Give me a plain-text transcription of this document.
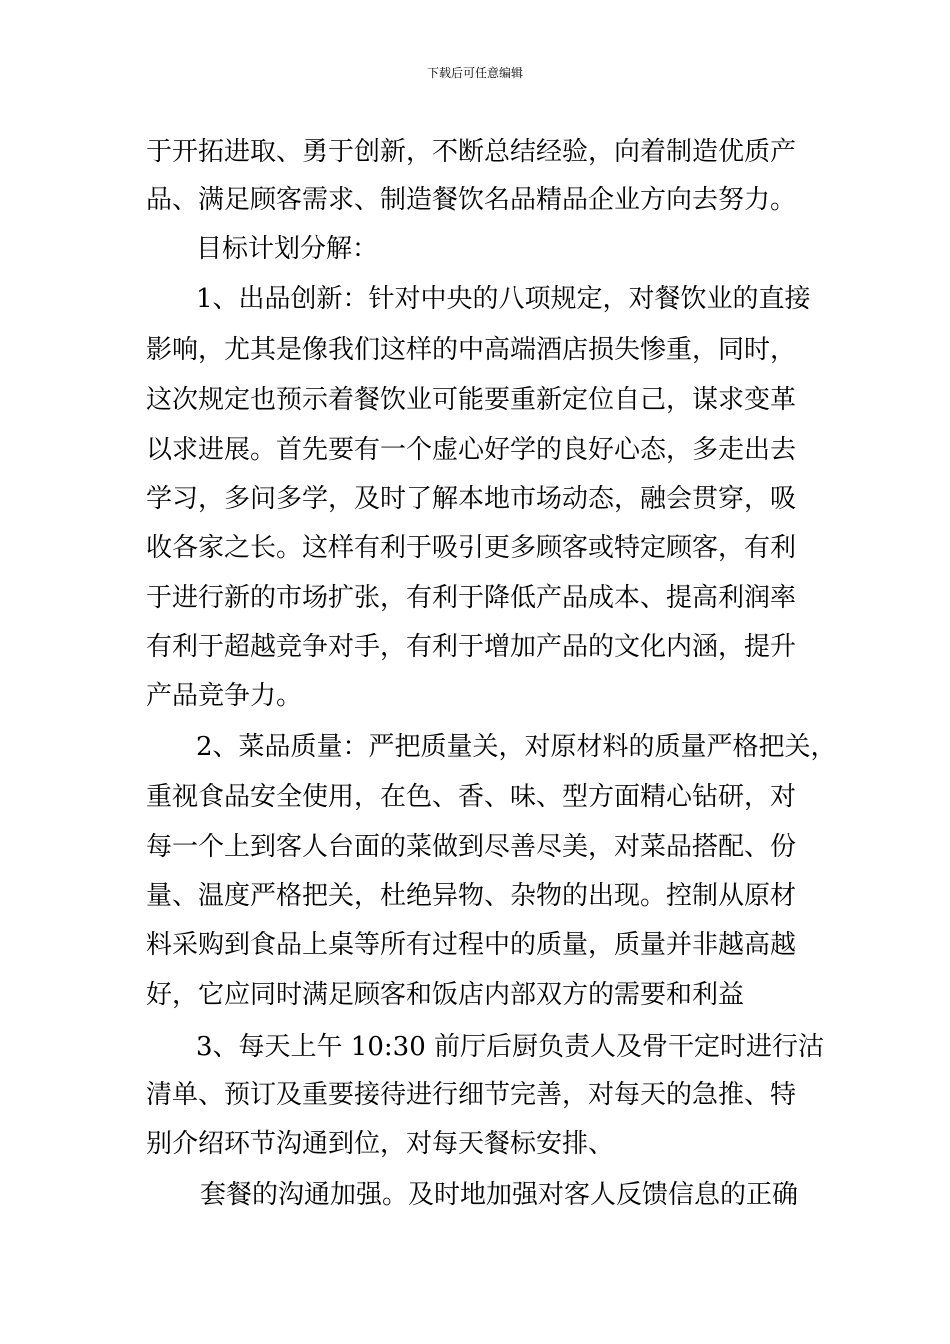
下载后可任意编辑
于开拓进取、勇于创新，不断总结经验，向着制造优质产
品、满足顾客需求、制造餐饮名品精品企业方向去努力。
目标计划分解：
1、出品创新：针对中央的八项规定，对餐饮业的直接
影响，尤其是像我们这样的中高端酒店损失惨重，同时，
这次规定也预示着餐饮业可能要重新定位自己，谋求变革
以求进展。首先要有一个虚心好学的良好心态，多走出去
学习，多问多学，及时了解本地市场动态，融会贯穿，吸
收各家之长。这样有利于吸引更多顾客或特定顾客，有利
于进行新的市场扩张，有利于降低产品成本、提高利润率
有利于超越竞争对手，有利于增加产品的文化内涵，提升
产品竞争力。
2、菜品质量：严把质量关，对原材料的质量严格把关，
重视食品安全使用，在色、香、味、型方面精心钻研，对
每一个上到客人台面的菜做到尽善尽美，对菜品搭配、份
量、温度严格把关，杜绝异物、杂物的出现。控制从原材
料采购到食品上桌等所有过程中的质量，质量并非越高越
好，它应同时满足顾客和饭店内部双方的需要和利益
3、每天上午 10:30 前厅后厨负责人及骨干定时进行沽
清单、预订及重要接待进行细节完善，对每天的急推、特
别介绍环节沟通到位，对每天餐标安排、
套餐的沟通加强。及时地加强对客人反馈信息的正确
